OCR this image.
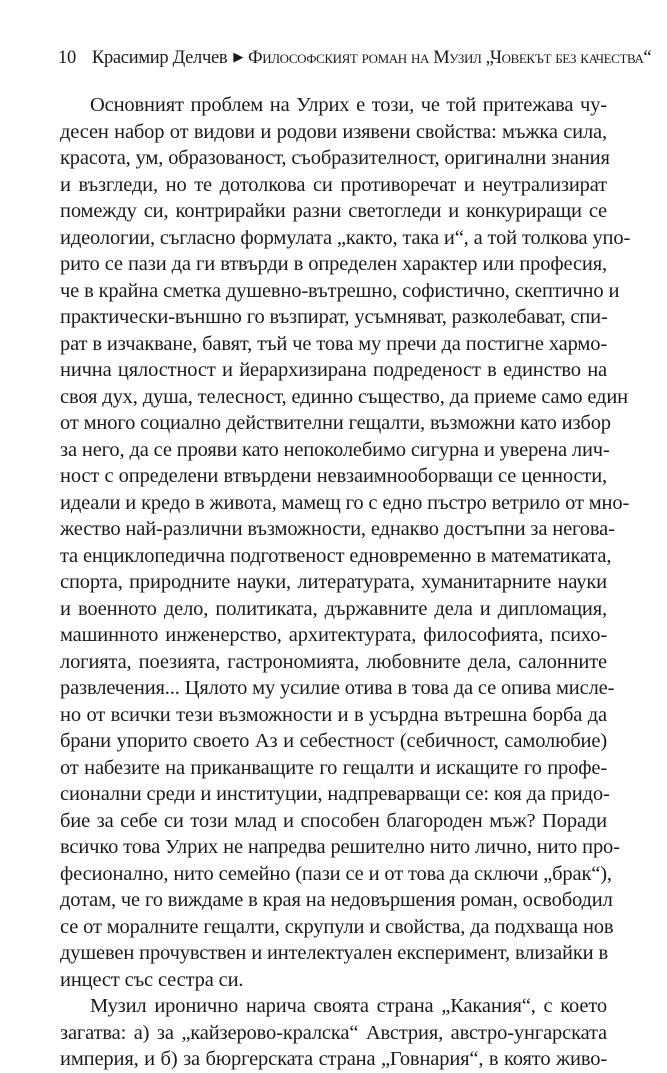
10 Красимир Делчев ▶ Философският роман на Музил „Човекът без качества“
Основният проблем на Улрих е този, че той притежава чу-
десен набор от видови и родови изявени свойства: мъжка сила,
красота, ум, образованост, съобразителност, оригинални знания
и възгледи, но те дотолкова си противоречат и неутрализират
помежду си, контрирайки разни светогледи и конкуриращи се
идеологии, съгласно формулата „както, така и“, а той толкова упо-
рито се пази да ги втвърди в определен характер или професия,
че в крайна сметка душевно-вътрешно, софистично, скептично и
практически-външно го възпират, усъмняват, разколебават, спи-
рат в изчакване, бавят, тъй че това му пречи да постигне хармо-
нична цялостност и йерархизирана подреденост в единство на
своя дух, душа, телесност, единно същество, да приеме само един
от много социално действителни гещалти, възможни като избор
за него, да се прояви като непоколебимо сигурна и уверена лич-
ност с определени втвърдени невзаимнооборващи се ценности,
идеали и кредо в живота, мамещ го с едно пъстро ветрило от мно-
жество най-различни възможности, еднакво достъпни за негова-
та енциклопедична подготвеност едновременно в математиката,
спорта, природните науки, литературата, хуманитарните науки
и военното дело, политиката, държавните дела и дипломация,
машинното инженерство, архитектурата, философията, психо-
логията, поезията, гастрономията, любовните дела, салонните
развлечения... Цялото му усилие отива в това да се опива мисле-
но от всички тези възможности и в усърдна вътрешна борба да
брани упорито своето Аз и себестност (себичност, самолюбие)
от набезите на приканващите го гещалти и искащите го профе-
сионални среди и институции, надпреварващи се: коя да придо-
бие за себе си този млад и способен благороден мъж? Поради
всичко това Улрих не напредва решително нито лично, нито про-
фесионално, нито семейно (пази се и от това да сключи „брак“),
дотам, че го виждаме в края на недовършения роман, освободил
се от моралните гещалти, скрупули и свойства, да подхваща нов
душевен прочувствен и интелектуален експеримент, влизайки в
инцест със сестра си.
Музил иронично нарича своята страна „Какания“, с което
загатва: а) за „кайзерово-кралска“ Австрия, австро-унгарската
империя, и б) за бюргерската страна „Говнария“, в която живо-
